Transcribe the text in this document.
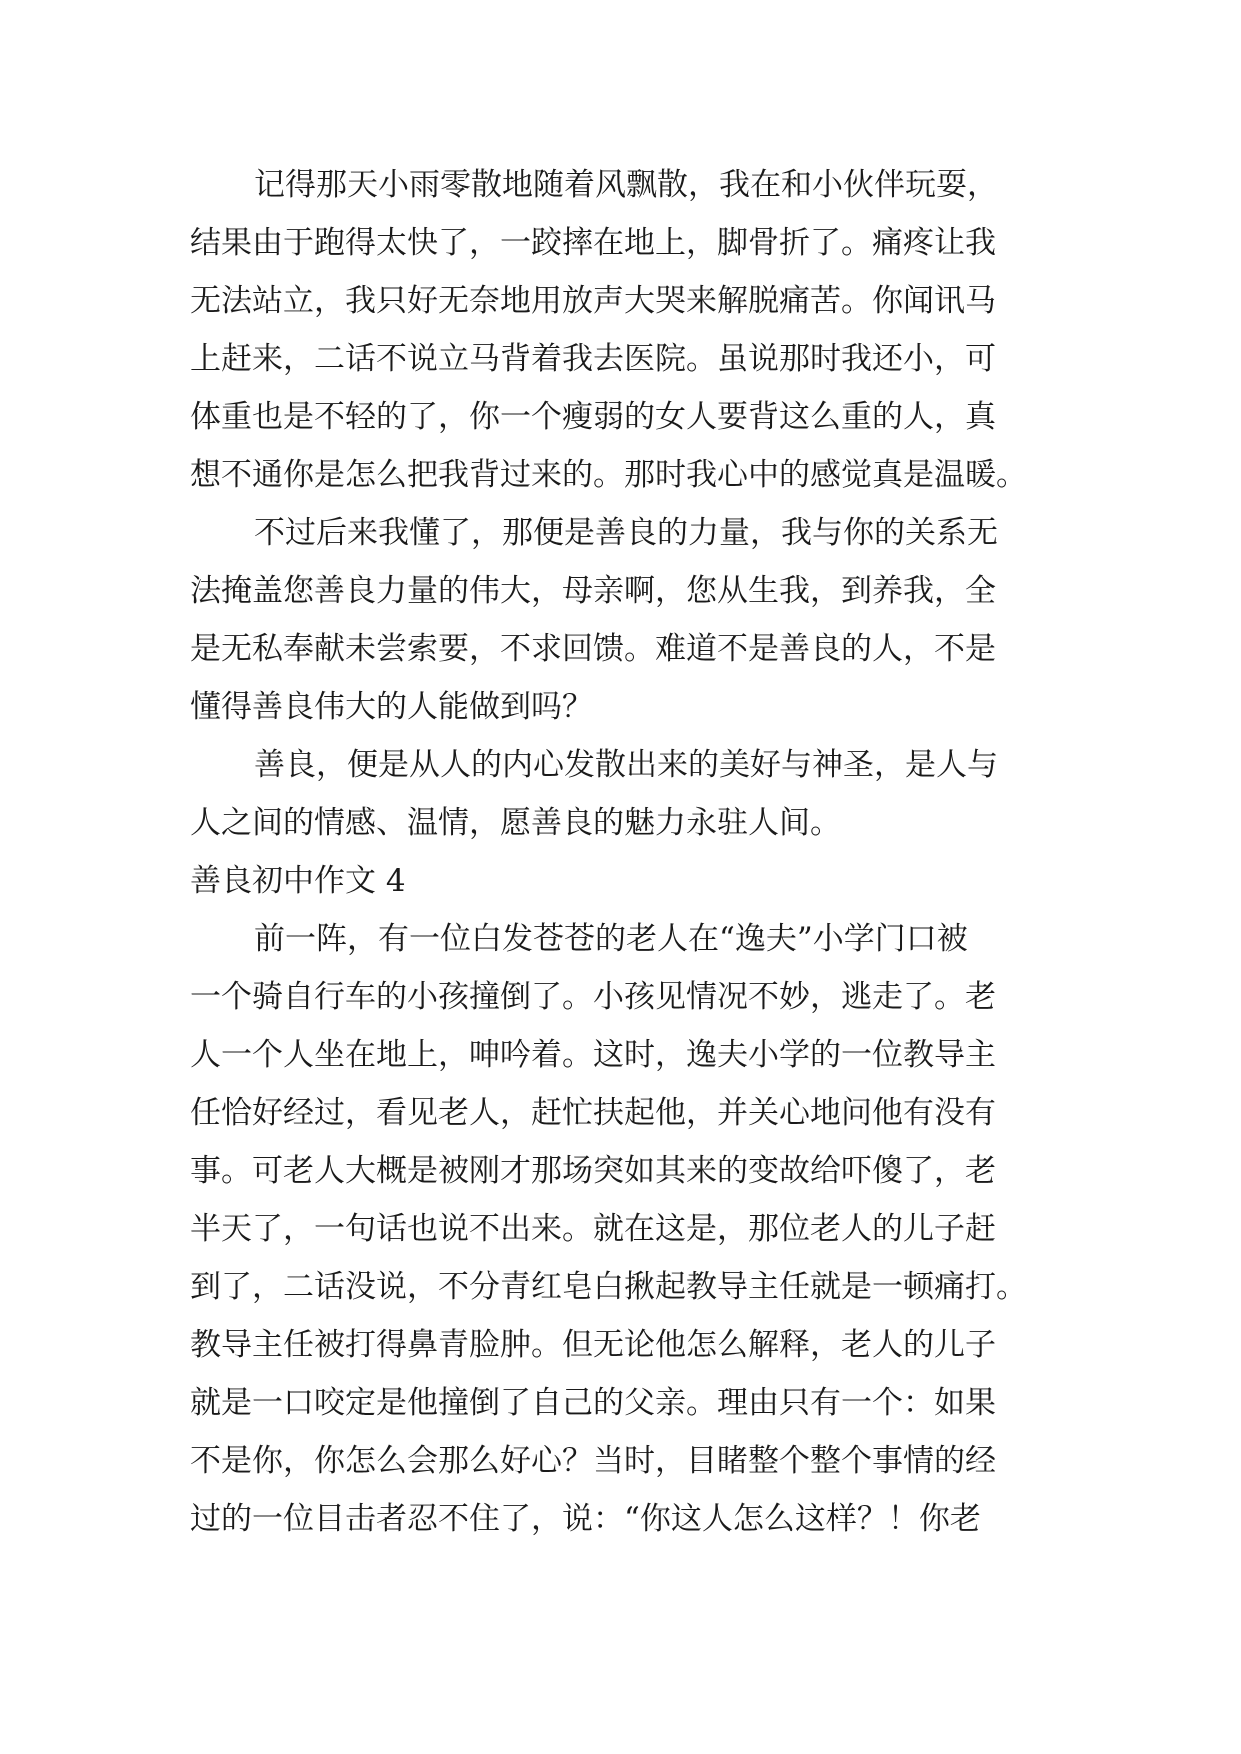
记得那天小雨零散地随着风飘散，我在和小伙伴玩耍，
结果由于跑得太快了，一跤摔在地上，脚骨折了。痛疼让我
无法站立，我只好无奈地用放声大哭来解脱痛苦。你闻讯马
上赶来，二话不说立马背着我去医院。虽说那时我还小，可
体重也是不轻的了，你一个瘦弱的女人要背这么重的人，真
想不通你是怎么把我背过来的。那时我心中的感觉真是温暖。
不过后来我懂了，那便是善良的力量，我与你的关系无
法掩盖您善良力量的伟大，母亲啊，您从生我，到养我，全
是无私奉献未尝索要，不求回馈。难道不是善良的人，不是
懂得善良伟大的人能做到吗？
善良，便是从人的内心发散出来的美好与神圣，是人与
人之间的情感、温情，愿善良的魅力永驻人间。
善良初中作文 4
前一阵，有一位白发苍苍的老人在“逸夫”小学门口被
一个骑自行车的小孩撞倒了。小孩见情况不妙，逃走了。老
人一个人坐在地上，呻吟着。这时，逸夫小学的一位教导主
任恰好经过，看见老人，赶忙扶起他，并关心地问他有没有
事。可老人大概是被刚才那场突如其来的变故给吓傻了，老
半天了，一句话也说不出来。就在这是，那位老人的儿子赶
到了，二话没说，不分青红皂白揪起教导主任就是一顿痛打。
教导主任被打得鼻青脸肿。但无论他怎么解释，老人的儿子
就是一口咬定是他撞倒了自己的父亲。理由只有一个：如果
不是你，你怎么会那么好心？当时，目睹整个整个事情的经
过的一位目击者忍不住了，说：“你这人怎么这样？！你老
